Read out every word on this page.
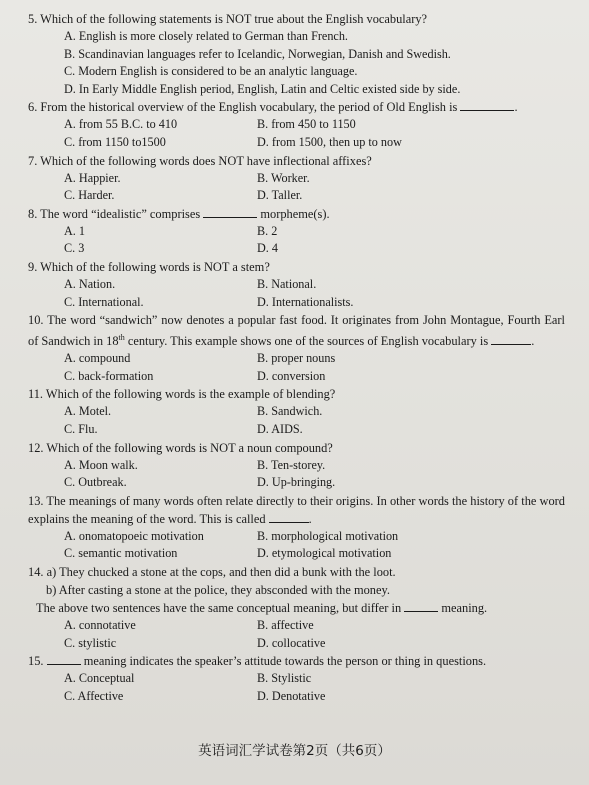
5. Which of the following statements is NOT true about the English vocabulary?
A. English is more closely related to German than French.
B. Scandinavian languages refer to Icelandic, Norwegian, Danish and Swedish.
C. Modern English is considered to be an analytic language.
D. In Early Middle English period, English, Latin and Celtic existed side by side.
6. From the historical overview of the English vocabulary, the period of Old English is	.
A. from 55 B.C. to 410	B. from 450 to 1150
C. from 1150 to1500	D. from 1500, then up to now
7. Which of the following words does NOT have inflectional affixes?
A. Happier.	B. Worker.
C. Harder.	D. Taller.
8. The word “idealistic” comprises	morpheme(s).
A. 1	B. 2
C. 3	D. 4
9. Which of the following words is NOT a stem?
A. Nation.	B. National.
C. International.	D. Internationalists.
10. The word “sandwich” now denotes a popular fast food. It originates from John Montague, Fourth Earl of Sandwich in 18th century. This example shows one of the sources of English vocabulary is	.
A. compound	B. proper nouns
C. back-formation	D. conversion
11. Which of the following words is the example of blending?
A. Motel.	B. Sandwich.
C. Flu.	D. AIDS.
12. Which of the following words is NOT a noun compound?
A. Moon walk.	B. Ten-storey.
C. Outbreak.	D. Up-bringing.
13. The meanings of many words often relate directly to their origins. In other words the history of the word explains the meaning of the word. This is called	.
A. onomatopoeic motivation	B. morphological motivation
C. semantic motivation	D. etymological motivation
14. a) They chucked a stone at the cops, and then did a bunk with the loot.
b) After casting a stone at the police, they absconded with the money.
The above two sentences have the same conceptual meaning, but differ in	meaning.
A. connotative	B. affective
C. stylistic	D. collocative
15.	meaning indicates the speaker’s attitude towards the person or thing in questions.
A. Conceptual	B. Stylistic
C. Affective	D. Denotative
英语词汇学试卷第2页（共6页）
